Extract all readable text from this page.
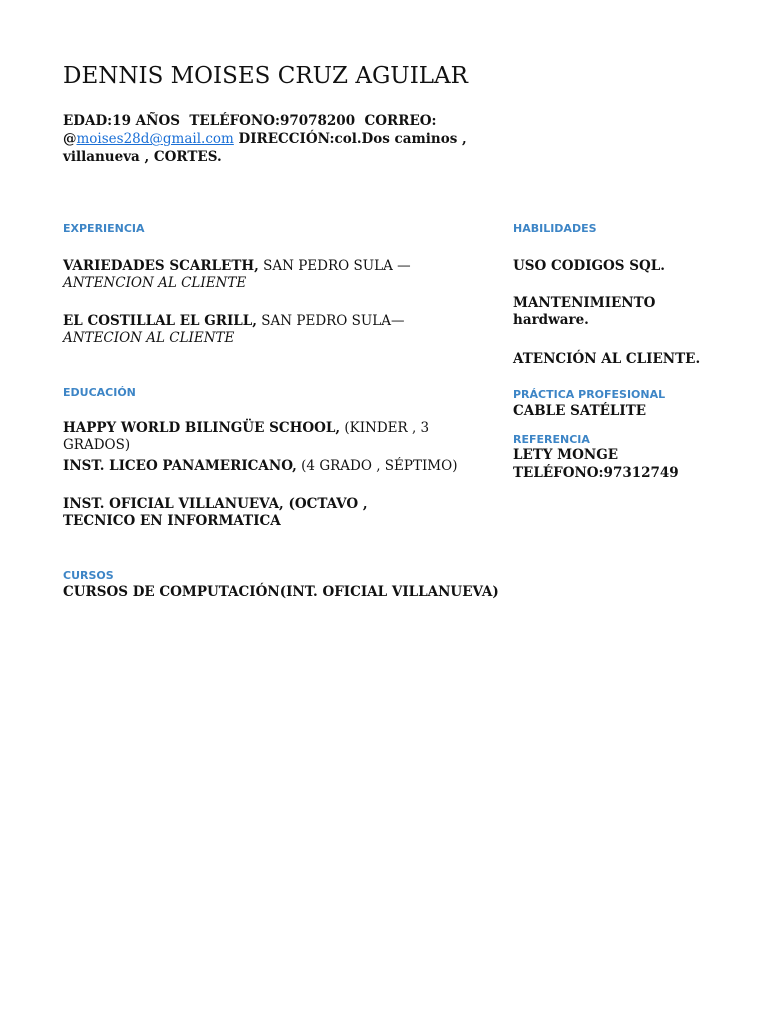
DENNIS MOISES CRUZ AGUILAR
EDAD:19 AÑOS TELÉFONO:97078200 CORREO:
@moises28d@gmail.com DIRECCIÓN:col.Dos caminos , villanueva , CORTES.
EXPERIENCIA
VARIEDADES SCARLETH, SAN PEDRO SULA — ANTENCION AL CLIENTE
EL COSTILLAL EL GRILL, SAN PEDRO SULA— ANTECION AL CLIENTE
EDUCACIÓN
HAPPY WORLD BILINGÜE SCHOOL, (KINDER , 3 GRADOS)
INST. LICEO PANAMERICANO, (4 GRADO , SÉPTIMO)
INST. OFICIAL VILLANUEVA, (OCTAVO , TECNICO EN INFORMATICA
CURSOS
CURSOS DE COMPUTACIÓN(INT. OFICIAL VILLANUEVA)
HABILIDADES
USO CODIGOS SQL.
MANTENIMIENTO hardware.
ATENCIÓN AL CLIENTE.
PRÁCTICA PROFESIONAL
CABLE SATÉLITE
REFERENCIA
LETY MONGE
TELÉFONO:97312749
